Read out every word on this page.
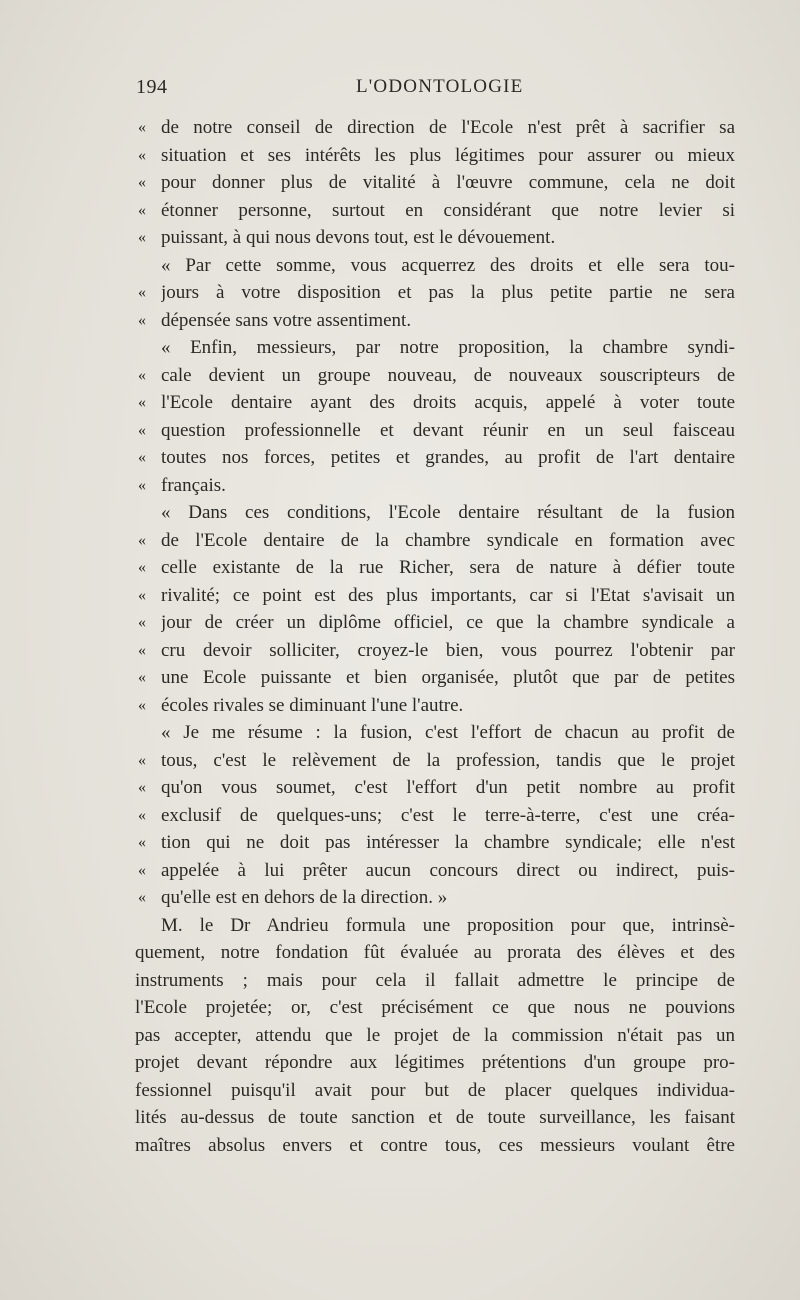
194	L'ODONTOLOGIE
« de notre conseil de direction de l'Ecole n'est prêt à sacrifier sa
« situation et ses intérêts les plus légitimes pour assurer ou mieux
« pour donner plus de vitalité à l'œuvre commune, cela ne doit
« étonner personne, surtout en considérant que notre levier si
« puissant, à qui nous devons tout, est le dévouement.
« Par cette somme, vous acquerrez des droits et elle sera tou-
« jours à votre disposition et pas la plus petite partie ne sera
« dépensée sans votre assentiment.
« Enfin, messieurs, par notre proposition, la chambre syndi-
« cale devient un groupe nouveau, de nouveaux souscripteurs de
« l'Ecole dentaire ayant des droits acquis, appelé à voter toute
« question professionnelle et devant réunir en un seul faisceau
« toutes nos forces, petites et grandes, au profit de l'art dentaire
« français.
« Dans ces conditions, l'Ecole dentaire résultant de la fusion
« de l'Ecole dentaire de la chambre syndicale en formation avec
« celle existante de la rue Richer, sera de nature à défier toute
« rivalité; ce point est des plus importants, car si l'Etat s'avisait un
« jour de créer un diplôme officiel, ce que la chambre syndicale a
« cru devoir solliciter, croyez-le bien, vous pourrez l'obtenir par
« une Ecole puissante et bien organisée, plutôt que par de petites
« écoles rivales se diminuant l'une l'autre.
« Je me résume : la fusion, c'est l'effort de chacun au profit de
« tous, c'est le relèvement de la profession, tandis que le projet
« qu'on vous soumet, c'est l'effort d'un petit nombre au profit
« exclusif de quelques-uns; c'est le terre-à-terre, c'est une créa-
« tion qui ne doit pas intéresser la chambre syndicale; elle n'est
« appelée à lui prêter aucun concours direct ou indirect, puis-
« qu'elle est en dehors de la direction. »
M. le Dr Andrieu formula une proposition pour que, intrinsè-
quement, notre fondation fût évaluée au prorata des élèves et des
instruments ; mais pour cela il fallait admettre le principe de
l'Ecole projetée; or, c'est précisément ce que nous ne pouvions
pas accepter, attendu que le projet de la commission n'était pas un
projet devant répondre aux légitimes prétentions d'un groupe pro-
fessionnel puisqu'il avait pour but de placer quelques individua-
lités au-dessus de toute sanction et de toute surveillance, les faisant
maîtres absolus envers et contre tous, ces messieurs voulant être
